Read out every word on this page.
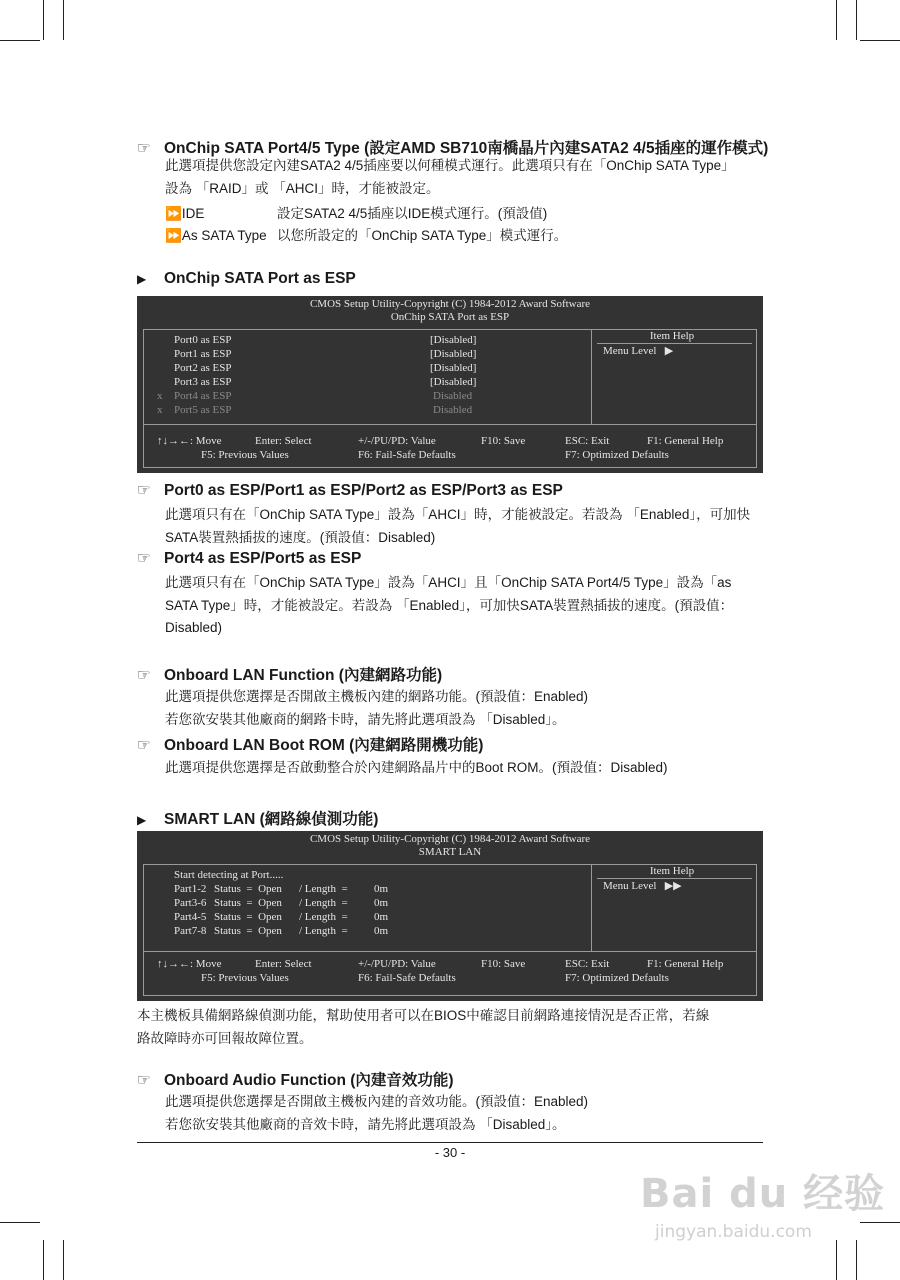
☞ OnChip SATA Port4/5 Type (設定AMD SB710南橋晶片內建SATA2 4/5插座的運作模式)
此選項提供您設定內建SATA2 4/5插座要以何種模式運行。此選項只有在「OnChip SATA Type」
設為 「RAID」或 「AHCI」時，才能被設定。
⏩IDE	設定SATA2 4/5插座以IDE模式運行。(預設值)
⏩As SATA Type 以您所設定的「OnChip SATA Type」模式運行。
▶ OnChip SATA Port as ESP
CMOS Setup Utility-Copyright (C) 1984-2012 Award Software
OnChip SATA Port as ESP
Item Help
Menu Level ▶
Port0 as ESP	[Disabled]
Port1 as ESP	[Disabled]
Port2 as ESP	[Disabled]
Port3 as ESP	[Disabled]
x Port4 as ESP	Disabled
x Port5 as ESP	Disabled
↑↓→←: Move	Enter: Select	+/-/PU/PD: Value	F10: Save	ESC: Exit	F1: General Help
F5: Previous Values	F6: Fail-Safe Defaults	F7: Optimized Defaults
☞ Port0 as ESP/Port1 as ESP/Port2 as ESP/Port3 as ESP
此選項只有在「OnChip SATA Type」設為「AHCI」時，才能被設定。若設為 「Enabled」，可加快
SATA裝置熱插拔的速度。(預設值：Disabled)
☞ Port4 as ESP/Port5 as ESP
此選項只有在「OnChip SATA Type」設為「AHCI」且「OnChip SATA Port4/5 Type」設為「as
SATA Type」時，才能被設定。若設為 「Enabled」，可加快SATA裝置熱插拔的速度。(預設值：
Disabled)
☞ Onboard LAN Function (內建網路功能)
此選項提供您選擇是否開啟主機板內建的網路功能。(預設值：Enabled)
若您欲安裝其他廠商的網路卡時，請先將此選項設為 「Disabled」。
☞ Onboard LAN Boot ROM (內建網路開機功能)
此選項提供您選擇是否啟動整合於內建網路晶片中的Boot ROM。(預設值：Disabled)
▶ SMART LAN (網路線偵測功能)
CMOS Setup Utility-Copyright (C) 1984-2012 Award Software
SMART LAN
Item Help
Menu Level ▶▶
Start detecting at Port.....
Part1-2 Status  =  Open / Length  = 0m
Part3-6 Status  =  Open / Length  = 0m
Part4-5 Status  =  Open / Length  = 0m
Part7-8 Status  =  Open / Length  = 0m
↑↓→←: Move	Enter: Select	+/-/PU/PD: Value	F10: Save	ESC: Exit	F1: General Help
F5: Previous Values	F6: Fail-Safe Defaults	F7: Optimized Defaults
本主機板具備網路線偵測功能，幫助使用者可以在BIOS中確認目前網路連接情況是否正常，若線
路故障時亦可回報故障位置。
☞ Onboard Audio Function (內建音效功能)
此選項提供您選擇是否開啟主機板內建的音效功能。(預設值：Enabled)
若您欲安裝其他廠商的音效卡時，請先將此選項設為 「Disabled」。
- 30 -
Bai du 经验
jingyan.baidu.com
